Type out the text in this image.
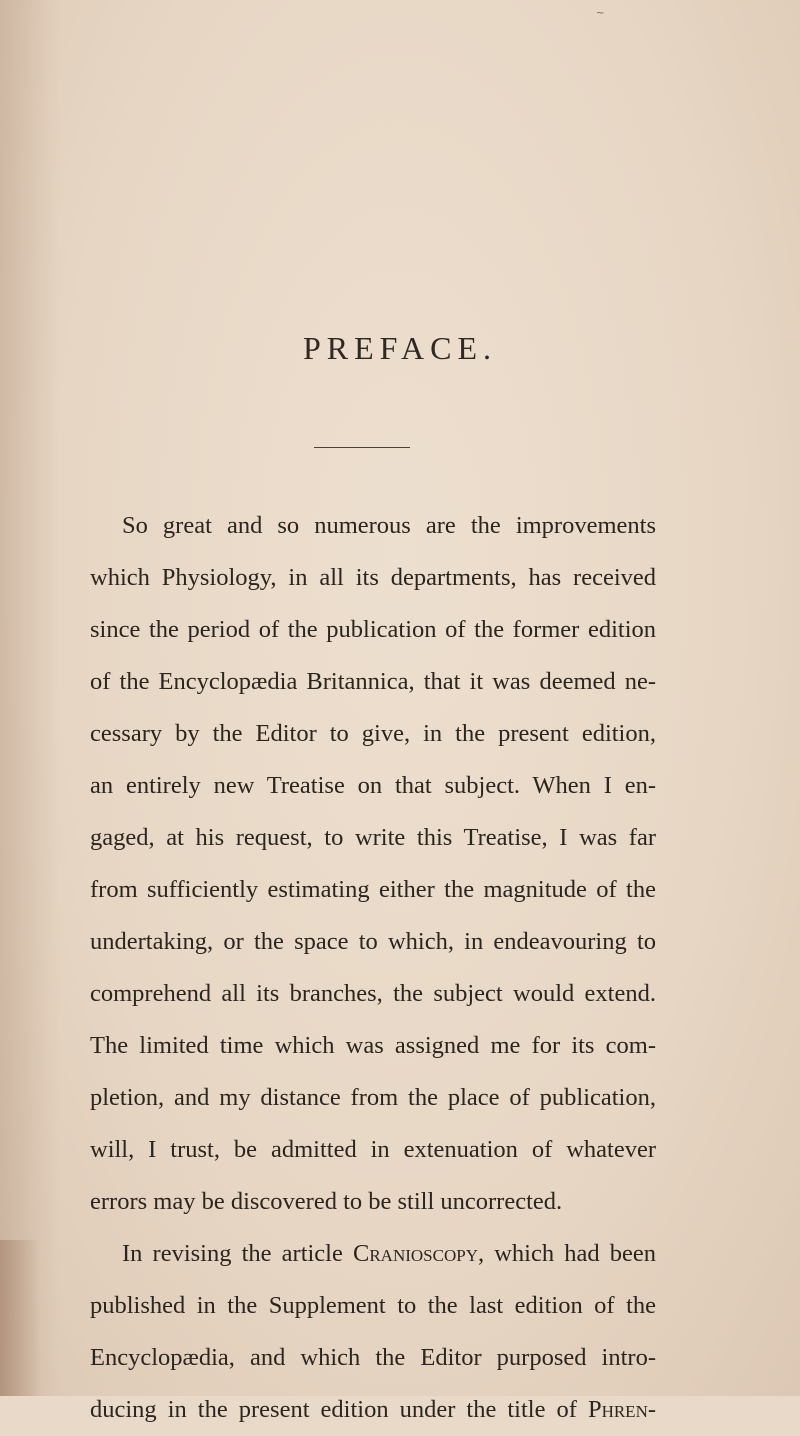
~
PREFACE.
So great and so numerous are the improvements
which Physiology, in all its departments, has received
since the period of the publication of the former edition
of the Encyclopædia Britannica, that it was deemed ne-
cessary by the Editor to give, in the present edition,
an entirely new Treatise on that subject. When I en-
gaged, at his request, to write this Treatise, I was far
from sufficiently estimating either the magnitude of the
undertaking, or the space to which, in endeavouring to
comprehend all its branches, the subject would extend.
The limited time which was assigned me for its com-
pletion, and my distance from the place of publication,
will, I trust, be admitted in extenuation of whatever
errors may be discovered to be still uncorrected.
In revising the article Cranioscopy, which had been
published in the Supplement to the last edition of the
Encyclopædia, and which the Editor purposed intro-
ducing in the present edition under the title of Phren-
